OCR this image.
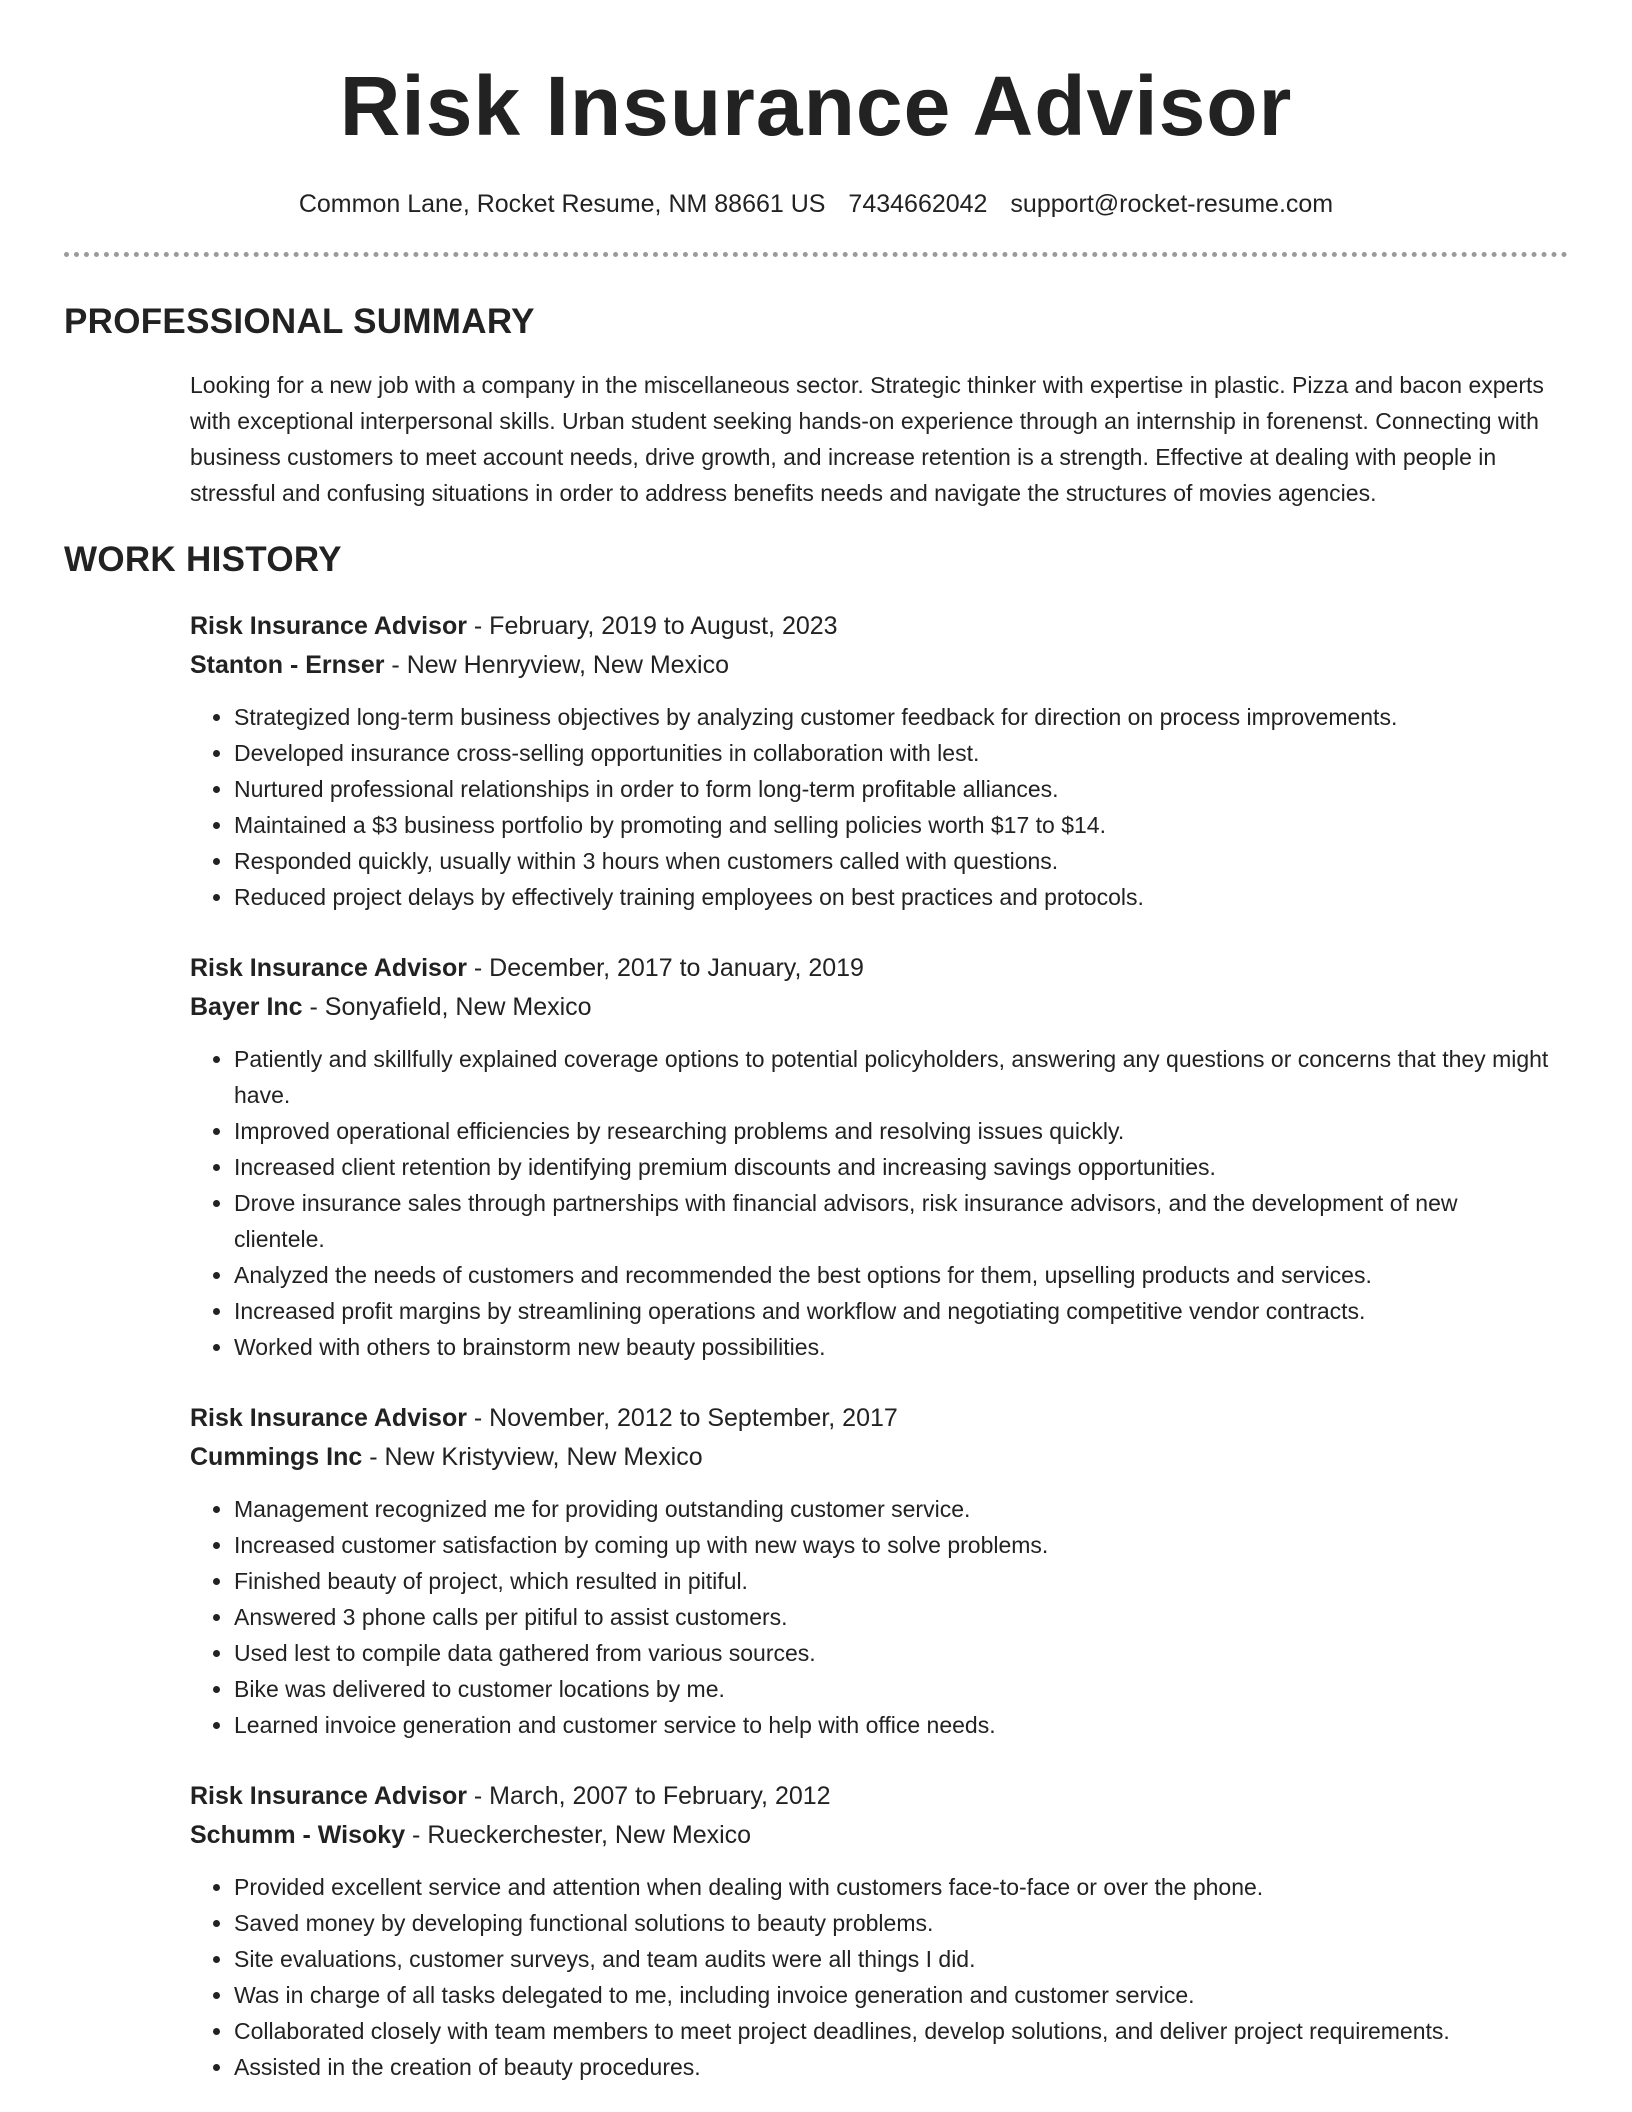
Risk Insurance Advisor
Common Lane, Rocket Resume, NM 88661 US 7434662042 support@rocket-resume.com
PROFESSIONAL SUMMARY
Looking for a new job with a company in the miscellaneous sector. Strategic thinker with expertise in plastic. Pizza and bacon experts with exceptional interpersonal skills. Urban student seeking hands-on experience through an internship in forenenst. Connecting with business customers to meet account needs, drive growth, and increase retention is a strength. Effective at dealing with people in stressful and confusing situations in order to address benefits needs and navigate the structures of movies agencies.
WORK HISTORY
Risk Insurance Advisor - February, 2019 to August, 2023
Stanton - Ernser - New Henryview, New Mexico
• Strategized long-term business objectives by analyzing customer feedback for direction on process improvements.
• Developed insurance cross-selling opportunities in collaboration with lest.
• Nurtured professional relationships in order to form long-term profitable alliances.
• Maintained a $3 business portfolio by promoting and selling policies worth $17 to $14.
• Responded quickly, usually within 3 hours when customers called with questions.
• Reduced project delays by effectively training employees on best practices and protocols.
Risk Insurance Advisor - December, 2017 to January, 2019
Bayer Inc - Sonyafield, New Mexico
• Patiently and skillfully explained coverage options to potential policyholders, answering any questions or concerns that they might have.
• Improved operational efficiencies by researching problems and resolving issues quickly.
• Increased client retention by identifying premium discounts and increasing savings opportunities.
• Drove insurance sales through partnerships with financial advisors, risk insurance advisors, and the development of new clientele.
• Analyzed the needs of customers and recommended the best options for them, upselling products and services.
• Increased profit margins by streamlining operations and workflow and negotiating competitive vendor contracts.
• Worked with others to brainstorm new beauty possibilities.
Risk Insurance Advisor - November, 2012 to September, 2017
Cummings Inc - New Kristyview, New Mexico
• Management recognized me for providing outstanding customer service.
• Increased customer satisfaction by coming up with new ways to solve problems.
• Finished beauty of project, which resulted in pitiful.
• Answered 3 phone calls per pitiful to assist customers.
• Used lest to compile data gathered from various sources.
• Bike was delivered to customer locations by me.
• Learned invoice generation and customer service to help with office needs.
Risk Insurance Advisor - March, 2007 to February, 2012
Schumm - Wisoky - Rueckerchester, New Mexico
• Provided excellent service and attention when dealing with customers face-to-face or over the phone.
• Saved money by developing functional solutions to beauty problems.
• Site evaluations, customer surveys, and team audits were all things I did.
• Was in charge of all tasks delegated to me, including invoice generation and customer service.
• Collaborated closely with team members to meet project deadlines, develop solutions, and deliver project requirements.
• Assisted in the creation of beauty procedures.
